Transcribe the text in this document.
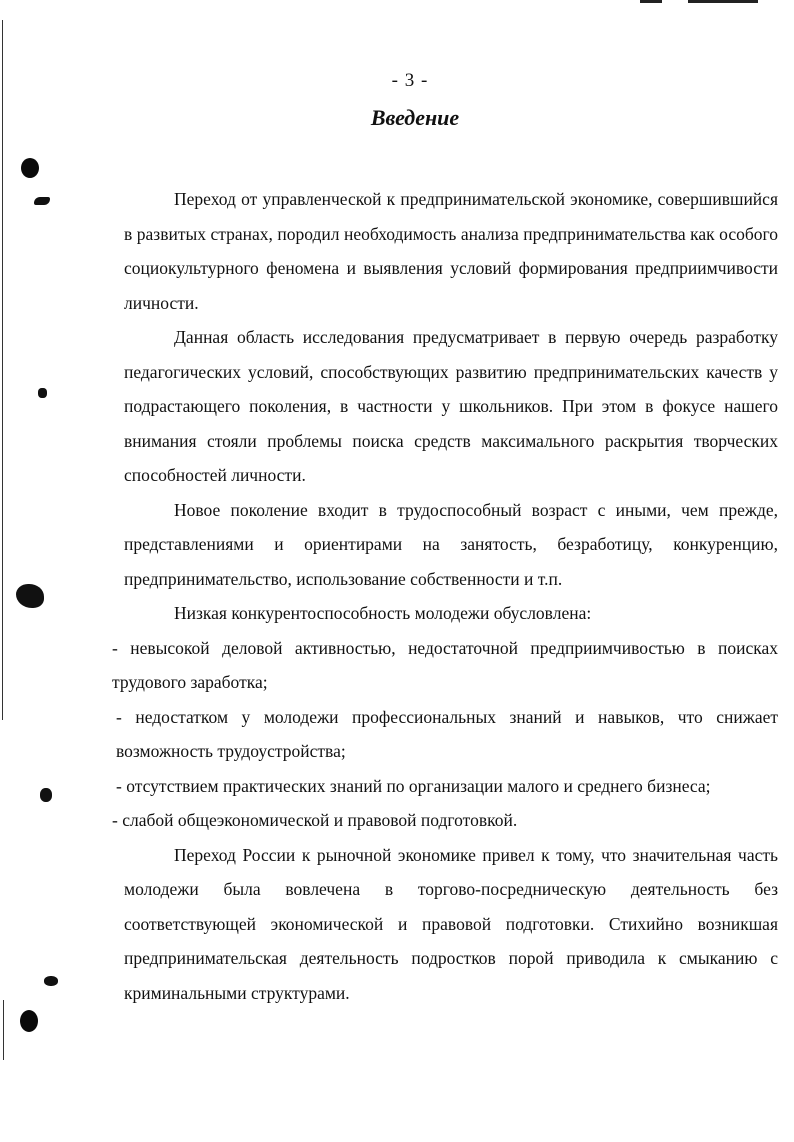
- 3 -
Введение

Переход от управленческой к предпринимательской экономике, совершившийся в развитых странах, породил необходимость анализа предпринимательства как особого социокультурного феномена и выявления условий формирования предприимчивости личности.

Данная область исследования предусматривает в первую очередь разработку педагогических условий, способствующих развитию предпринимательских качеств у подрастающего поколения, в частности у школьников. При этом в фокусе нашего внимания стояли проблемы поиска средств максимального раскрытия творческих способностей личности.

Новое поколение входит в трудоспособный возраст с иными, чем прежде, представлениями и ориентирами на занятость, безработицу, конкуренцию, предпринимательство, использование собственности и т.п.

Низкая конкурентоспособность молодежи обусловлена:

- невысокой деловой активностью, недостаточной предприимчивостью в поисках трудового заработка;

- недостатком у молодежи профессиональных знаний и навыков, что снижает возможность трудоустройства;

- отсутствием практических знаний по организации малого и среднего бизнеса;

- слабой общеэкономической и правовой подготовкой.

Переход России к рыночной экономике привел к тому, что значительная часть молодежи была вовлечена в торгово-посредническую деятельность без соответствующей экономической и правовой подготовки. Стихийно возникшая предпринимательская деятельность подростков порой приводила к смыканию с криминальными структурами.
